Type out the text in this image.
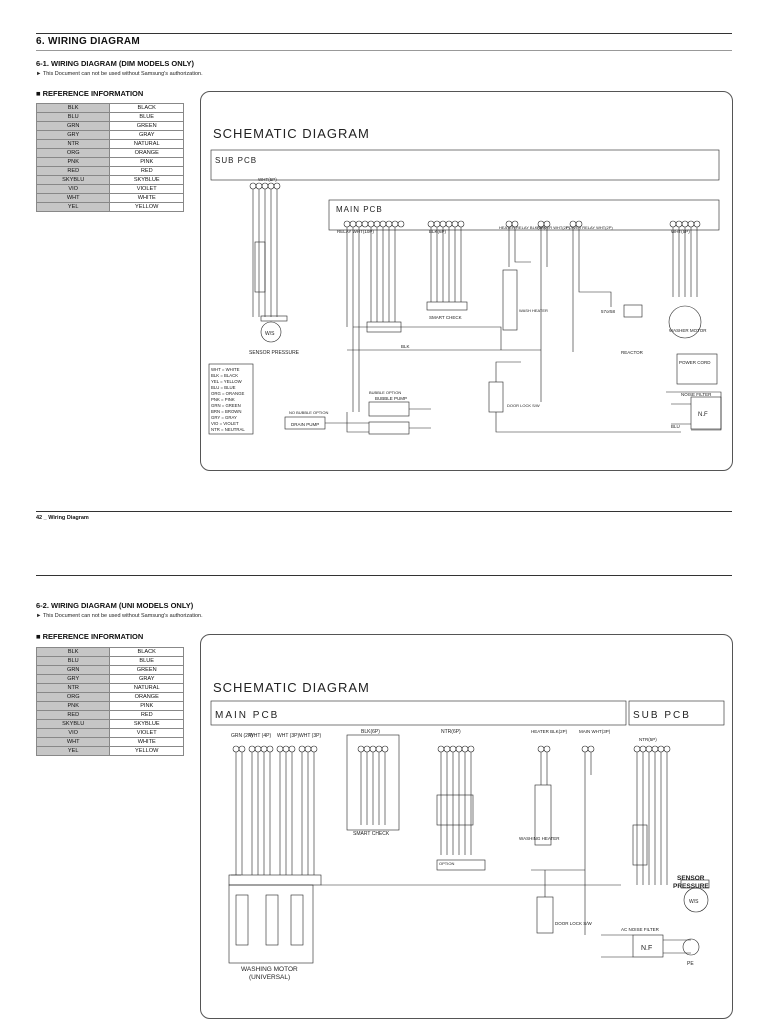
6. WIRING DIAGRAM
6-1. WIRING DIAGRAM (DIM MODELS ONLY)
► This Document can not be used without Samsung's authorization.
■ REFERENCE INFORMATION
BLK	BLACK
BLU	BLUE
GRN	GREEN
GRY	GRAY
NTR	NATURAL
ORG	ORANGE
PNK	PINK
RED	RED
SKYBLU	SKYBLUE
VIO	VIOLET
WHT	WHITE
YEL	YELLOW
SCHEMATIC DIAGRAM
SUB PCB
MAIN PCB
WHT(5P)
RELAY WHT(10P)	BLK(6P)
HEATER RELAY BLK(2P)
POWER WHT(2P)
POWER RELAY WHT(2P)
WHT(5P)
SENSOR PRESSURE
W/S
SMART CHECK
WASHER MOTOR
REACTOR
POWER CORD
NOISE FILTER
N.F
BUBBLE OPTION
BUBBLE PUMP
DRAIN PUMP
NO BUBBLE OPTION
DOOR LOCK S/W
WASH HEATER
BLK
BLU
57or58
WHT = WHITE
BLK = BLACK
YEL = YELLOW
BLU = BLUE
ORG = ORANGE
PNK = PINK
GRN = GREEN
BRN = BROWN
GRY = GRAY
VIO = VIOLET
NTR = NEUTRAL
42 _ Wiring Diagram
6-2. WIRING DIAGRAM (UNI MODELS ONLY)
► This Document can not be used without Samsung's authorization.
■ REFERENCE INFORMATION
BLK	BLACK
BLU	BLUE
GRN	GREEN
GRY	GRAY
NTR	NATURAL
ORG	ORANGE
PNK	PINK
RED	RED
SKYBLU	SKYBLUE
VIO	VIOLET
WHT	WHITE
YEL	YELLOW
SCHEMATIC DIAGRAM
MAIN PCB	SUB PCB
GRN (2P)
WHT (4P) WHT (3P) WHT (3P)
BLK(6P)	NTR(6P)	HEATER BLK(2P)	MAIN WHT(3P)
NTR(5P)
SMART CHECK
WASHING HEATER
DOOR LOCK S/W
WASHING MOTOR
(UNIVERSAL)
SENSOR
PRESSURE
W/S
AC NOISE FILTER
N.F
PE
OPTION
